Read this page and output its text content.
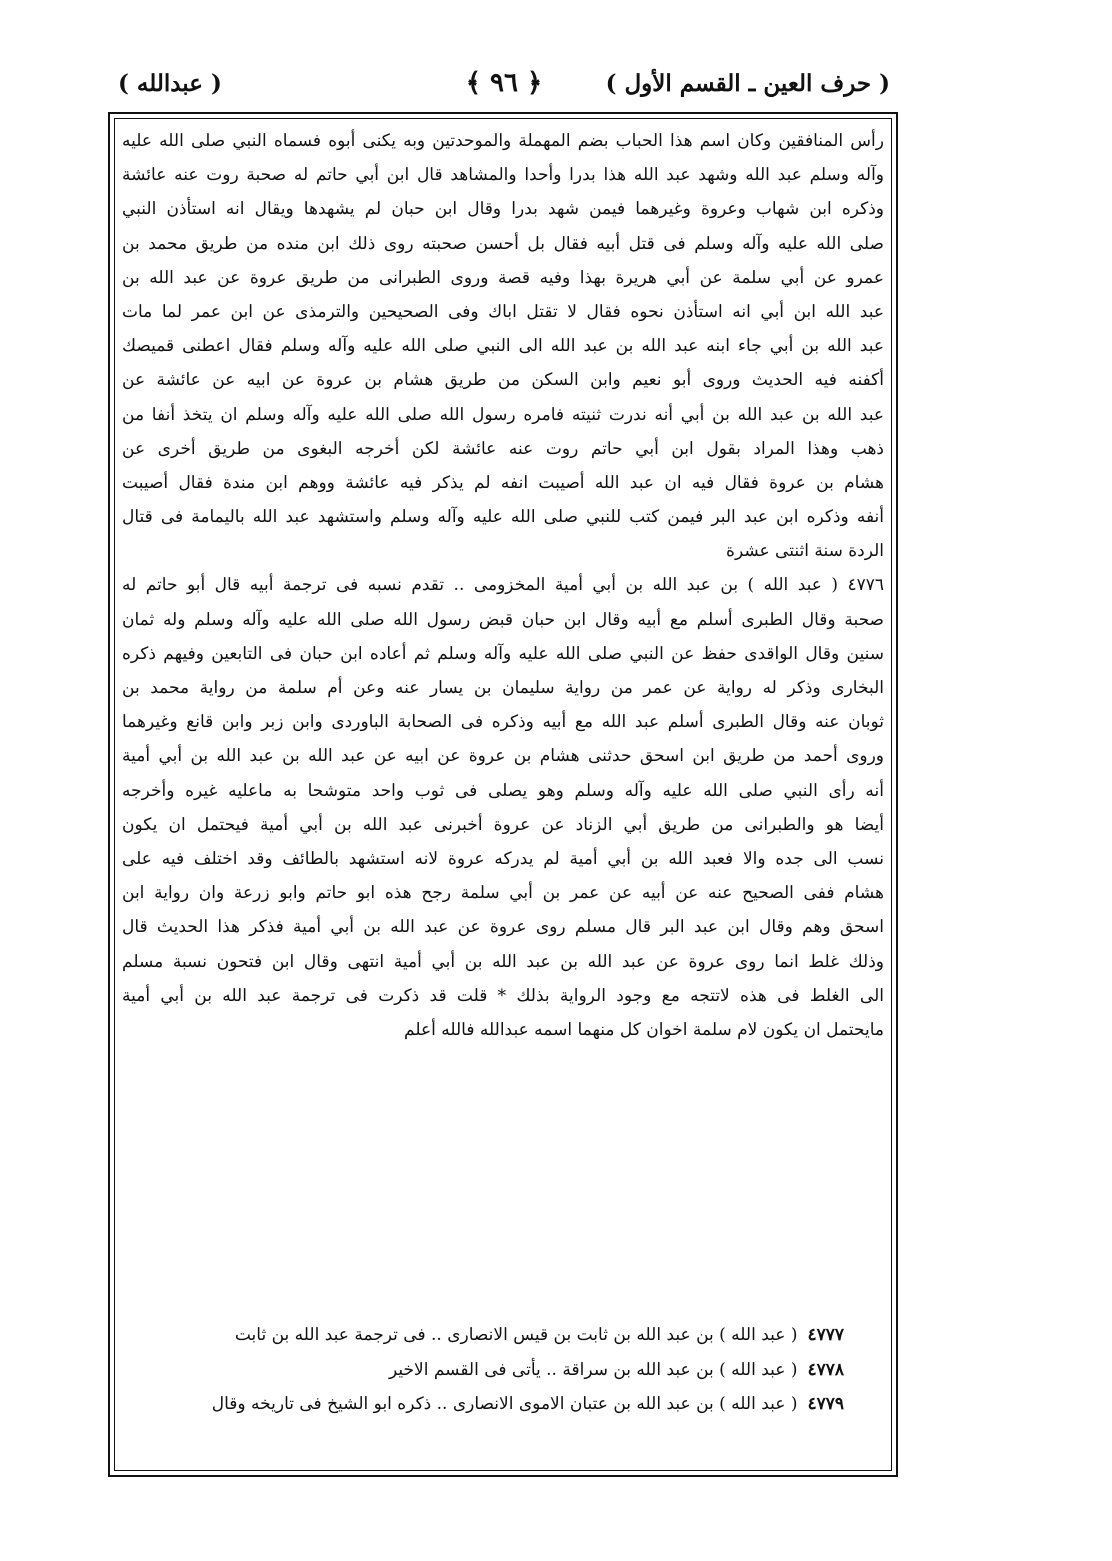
( حرف العين ـ القسم الأول )
﴿ ٩٦ ﴾
( عبدالله )
رأس المنافقين وكان اسم هذا الحباب بضم المهملة والموحدتين وبه يكنى أبوه فسماه النبي صلى الله عليه
وآله وسلم عبد الله وشهد عبد الله هذا بدرا وأحدا والمشاهد قال ابن أبي حاتم له صحبة روت عنه عائشة
وذكره ابن شهاب وعروة وغيرهما فيمن شهد بدرا وقال ابن حبان لم يشهدها ويقال انه استأذن النبي
صلى الله عليه وآله وسلم فى قتل أبيه فقال بل أحسن صحبته روى ذلك ابن منده من طريق محمد بن
عمرو عن أبي سلمة عن أبي هريرة بهذا وفيه قصة وروى الطبرانى من طريق عروة عن عبد الله بن
عبد الله ابن أبي انه استأذن نحوه فقال لا تقتل اباك وفى الصحيحين والترمذى عن ابن عمر لما مات
عبد الله بن أبي جاء ابنه عبد الله بن عبد الله الى النبي صلى الله عليه وآله وسلم فقال اعطنى قميصك
أكفنه فيه الحديث وروى أبو نعيم وابن السكن من طريق هشام بن عروة عن ابيه عن عائشة عن
عبد الله بن عبد الله بن أبي أنه ندرت ثنيته فامره رسول الله صلى الله عليه وآله وسلم ان يتخذ أنفا من
ذهب وهذا المراد بقول ابن أبي حاتم روت عنه عائشة لكن أخرجه البغوى من طريق أخرى عن
هشام بن عروة فقال فيه ان عبد الله أصيبت انفه لم يذكر فيه عائشة ووهم ابن مندة فقال أصيبت
أنفه وذكره ابن عبد البر فيمن كتب للنبي صلى الله عليه وآله وسلم واستشهد عبد الله باليمامة فى قتال
الردة سنة اثنتى عشرة
٤٧٧٦ ( عبد الله ) بن عبد الله بن أبي أمية المخزومى .. تقدم نسبه فى ترجمة أبيه قال أبو حاتم له
صحبة وقال الطبرى أسلم مع أبيه وقال ابن حبان قبض رسول الله صلى الله عليه وآله وسلم وله ثمان
سنين وقال الواقدى حفظ عن النبي صلى الله عليه وآله وسلم ثم أعاده ابن حبان فى التابعين وفيهم ذكره
البخارى وذكر له رواية عن عمر من رواية سليمان بن يسار عنه وعن أم سلمة من رواية محمد بن
ثوبان عنه وقال الطبرى أسلم عبد الله مع أبيه وذكره فى الصحابة الباوردى وابن زبر وابن قانع وغيرهما
وروى أحمد من طريق ابن اسحق حدثنى هشام بن عروة عن ابيه عن عبد الله بن عبد الله بن أبي أمية
أنه رأى النبي صلى الله عليه وآله وسلم وهو يصلى فى ثوب واحد متوشحا به ماعليه غيره وأخرجه
أيضا هو والطبرانى من طريق أبي الزناد عن عروة أخبرنى عبد الله بن أبي أمية فيحتمل ان يكون
نسب الى جده والا فعبد الله بن أبي أمية لم يدركه عروة لانه استشهد بالطائف وقد اختلف فيه على
هشام ففى الصحيح عنه عن أبيه عن عمر بن أبي سلمة رجح هذه ابو حاتم وابو زرعة وان رواية ابن
اسحق وهم وقال ابن عبد البر قال مسلم روى عروة عن عبد الله بن أبي أمية فذكر هذا الحديث قال
وذلك غلط انما روى عروة عن عبد الله بن عبد الله بن أبي أمية انتهى وقال ابن فتحون نسبة مسلم
الى الغلط فى هذه لاتتجه مع وجود الرواية بذلك * قلت قد ذكرت فى ترجمة عبد الله بن أبي أمية
مايحتمل ان يكون لام سلمة اخوان كل منهما اسمه عبدالله فالله أعلم
٤٧٧٧( عبد الله ) بن عبد الله بن ثابت بن قيس الانصارى .. فى ترجمة عبد الله بن ثابت
٤٧٧٨( عبد الله ) بن عبد الله بن سراقة .. يأتى فى القسم الاخير
٤٧٧٩( عبد الله ) بن عبد الله بن عتبان الاموى الانصارى .. ذكره ابو الشيخ فى تاريخه وقال
